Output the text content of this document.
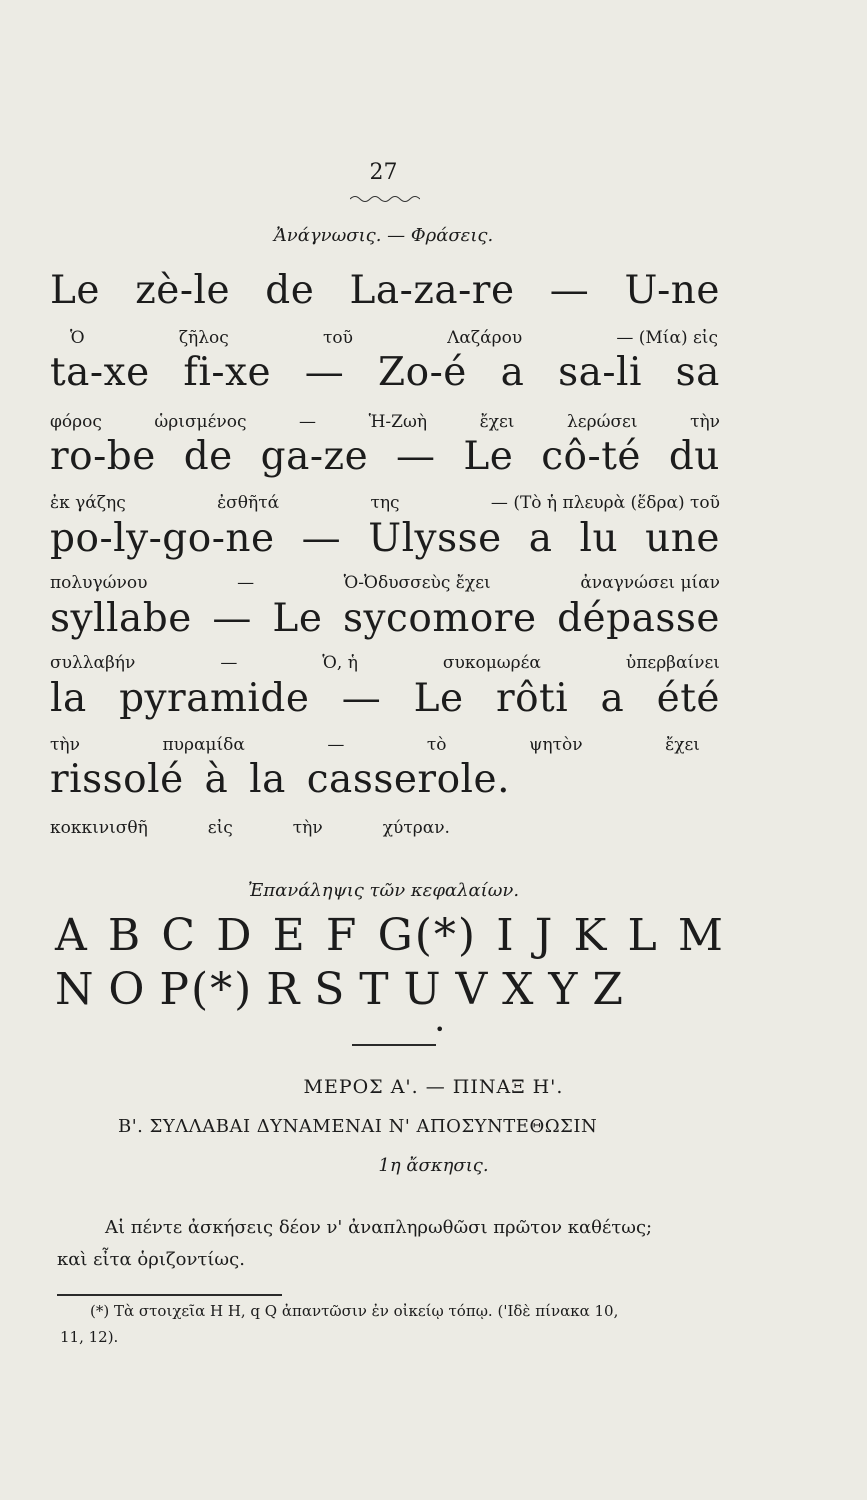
27
Ἀνάγνωσις. — Φράσεις.
Le zè-le de La-za-re — U-ne
Ὁ	ζῆλος	τοῦ	Λαζάρου	— (Μία) εἰς
ta-xe fi-xe — Zo-é a sa-li sa
φόρος	ὡρισμένος	—	Ἡ-Ζωὴ	ἔχει	λερώσει	τὴν
ro-be de ga-ze — Le cô-té du
ἐκ γάζης	ἐσθῆτά	της	— (Τὸ ἡ πλευρὰ (ἕδρα) τοῦ
po-ly-go-ne — Ulysse a lu une
πολυγώνου	—	Ὁ-Ὀδυσσεὺς ἔχει	ἀναγνώσει μίαν
syllabe — Le sycomore dépasse
συλλαβήν	—	Ὁ, ἡ	συκομωρέα	ὑπερβαίνει
la pyramide — Le rôti a été
τὴν	πυραμίδα	—	τὸ	ψητὸν	ἔχει
rissolé à la casserole.
κοκκινισθῆ	εἰς	τὴν	χύτραν.
Ἐπανάληψις τῶν κεφαλαίων.
A B C D E F G(*) I J K L M
N O P(*) R S T U V X Y Z
•
ΜΕΡΟΣ Α'. — ΠΙΝΑΞ Η'.
Β'. ΣΥΛΛΑΒΑΙ ΔΥΝΑΜΕΝΑΙ Ν' ΑΠΟΣΥΝΤΕΘΩΣΙΝ
1η ἄσκησις.
Αἱ πέντε ἀσκήσεις δέον ν' ἀναπληρωθῶσι πρῶτον καθέτως;
καὶ εἶτα ὁριζοντίως.
(*) Τὰ στοιχεῖα H H, q Q ἀπαντῶσιν ἐν οἰκείῳ τόπῳ. ('Ιδὲ πίνακα 10,
11, 12).
